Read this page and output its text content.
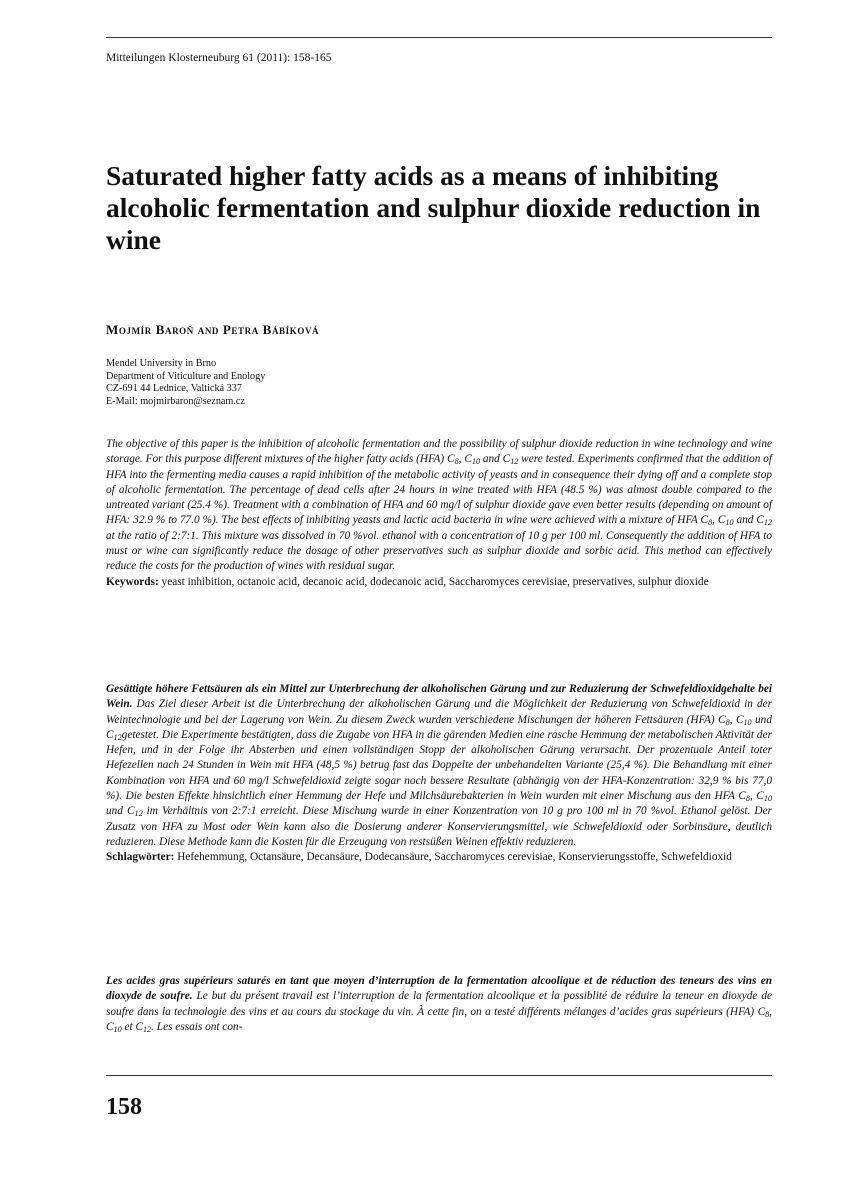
Mitteilungen Klosterneuburg 61 (2011): 158-165
Saturated higher fatty acids as a means of inhibiting alcoholic fermentation and sulphur dioxide reduction in wine
Mojmír Baroň and Petra Bábíková
Mendel University in Brno
Department of Viticulture and Enology
CZ-691 44 Lednice, Valtická 337
E-Mail: mojmirbaron@seznam.cz

The objective of this paper is the inhibition of alcoholic fermentation and the possibility of sulphur dioxide reduction in wine technology and wine storage. For this purpose different mixtures of the higher fatty acids (HFA) $C_8$, $C_{10}$ and $C_{12}$ were tested. Experiments confirmed that the addition of HFA into the fermenting media causes a rapid inhibition of the metabolic activity of yeasts and in consequence their dying off and a complete stop of alcoholic fermentation. The percentage of dead cells after 24 hours in wine treated with HFA (48.5 %) was almost double compared to the untreated variant (25.4 %). Treatment with a combination of HFA and 60 mg/l of sulphur dioxide gave even better results (depending on amount of HFA: 32.9 % to 77.0 %). The best effects of inhibiting yeasts and lactic acid bacteria in wine were achieved with a mixture of HFA $C_8$, $C_{10}$ and $C_{12}$ at the ratio of 2:7:1. This mixture was dissolved in 70 %vol. ethanol with a concentration of 10 g per 100 ml. Consequently the addition of HFA to must or wine can significantly reduce the dosage of other preservatives such as sulphur dioxide and sorbic acid. This method can effectively reduce the costs for the production of wines with residual sugar.
Keywords: yeast inhibition, octanoic acid, decanoic acid, dodecanoic acid, Saccharomyces cerevisiae, preservatives, sulphur dioxide

Gesättigte höhere Fettsäuren als ein Mittel zur Unterbrechung der alkoholischen Gärung und zur Reduzierung der Schwefeldioxidgehalte bei Wein. Das Ziel dieser Arbeit ist die Unterbrechung der alkoholischen Gärung und die Möglichkeit der Reduzierung von Schwefeldioxid in der Weintechnologie und bei der Lagerung von Wein. Zu diesem Zweck wurden verschiedene Mischungen der höheren Fettsäuren (HFA) $C_8$, $C_{10}$ und $C_{12}getestet$. Die Experimente bestätigten, dass die Zugabe von HFA in die gärenden Medien eine rasche Hemmung der metabolischen Aktivität der Hefen, und in der Folge ihr Absterben und einen vollständigen Stopp der alkoholischen Gärung verursacht. Der prozentuale Anteil toter Hefezellen nach 24 Stunden in Wein mit HFA (48,5 %) betrug fast das Doppelte der unbehandelten Variante (25,4 %). Die Behandlung mit einer Kombination von HFA und 60 mg/l Schwefeldioxid zeigte sogar noch bessere Resultate (abhängig von der HFA-Konzentration: 32,9 % bis 77,0 %). Die besten Effekte hinsichtlich einer Hemmung der Hefe und Milchsäurebakterien in Wein wurden mit einer Mischung aus den HFA $C_8$, $C_{10}$ und $C_{12}$ im Verhältnis von 2:7:1 erreicht. Diese Mischung wurde in einer Konzentration von 10 g pro 100 ml in 70 %vol. Ethanol gelöst. Der Zusatz von HFA zu Most oder Wein kann also die Dosierung anderer Konservierungsmittel, wie Schwefeldioxid oder Sorbinsäure, deutlich reduzieren. Diese Methode kann die Kosten für die Erzeugung von restsüßen Weinen effektiv reduzieren.
Schlagwörter: Hefehemmung, Octansäure, Decansäure, Dodecansäure, Saccharomyces cerevisiae, Konservierungsstoffe, Schwefeldioxid

Les acides gras supérieurs saturés en tant que moyen d’interruption de la fermentation alcoolique et de réduction des teneurs des vins en dioxyde de soufre. Le but du présent travail est l’interruption de la fermentation alcoolique et la possiblité de réduire la teneur en dioxyde de soufre dans la technologie des vins et au cours du stockage du vin. À cette fin, on a testé différents mélanges d’acides gras supérieurs (HFA) $C_8$, $C_{10}$ et $C_{12}$. Les essais ont con-

158
